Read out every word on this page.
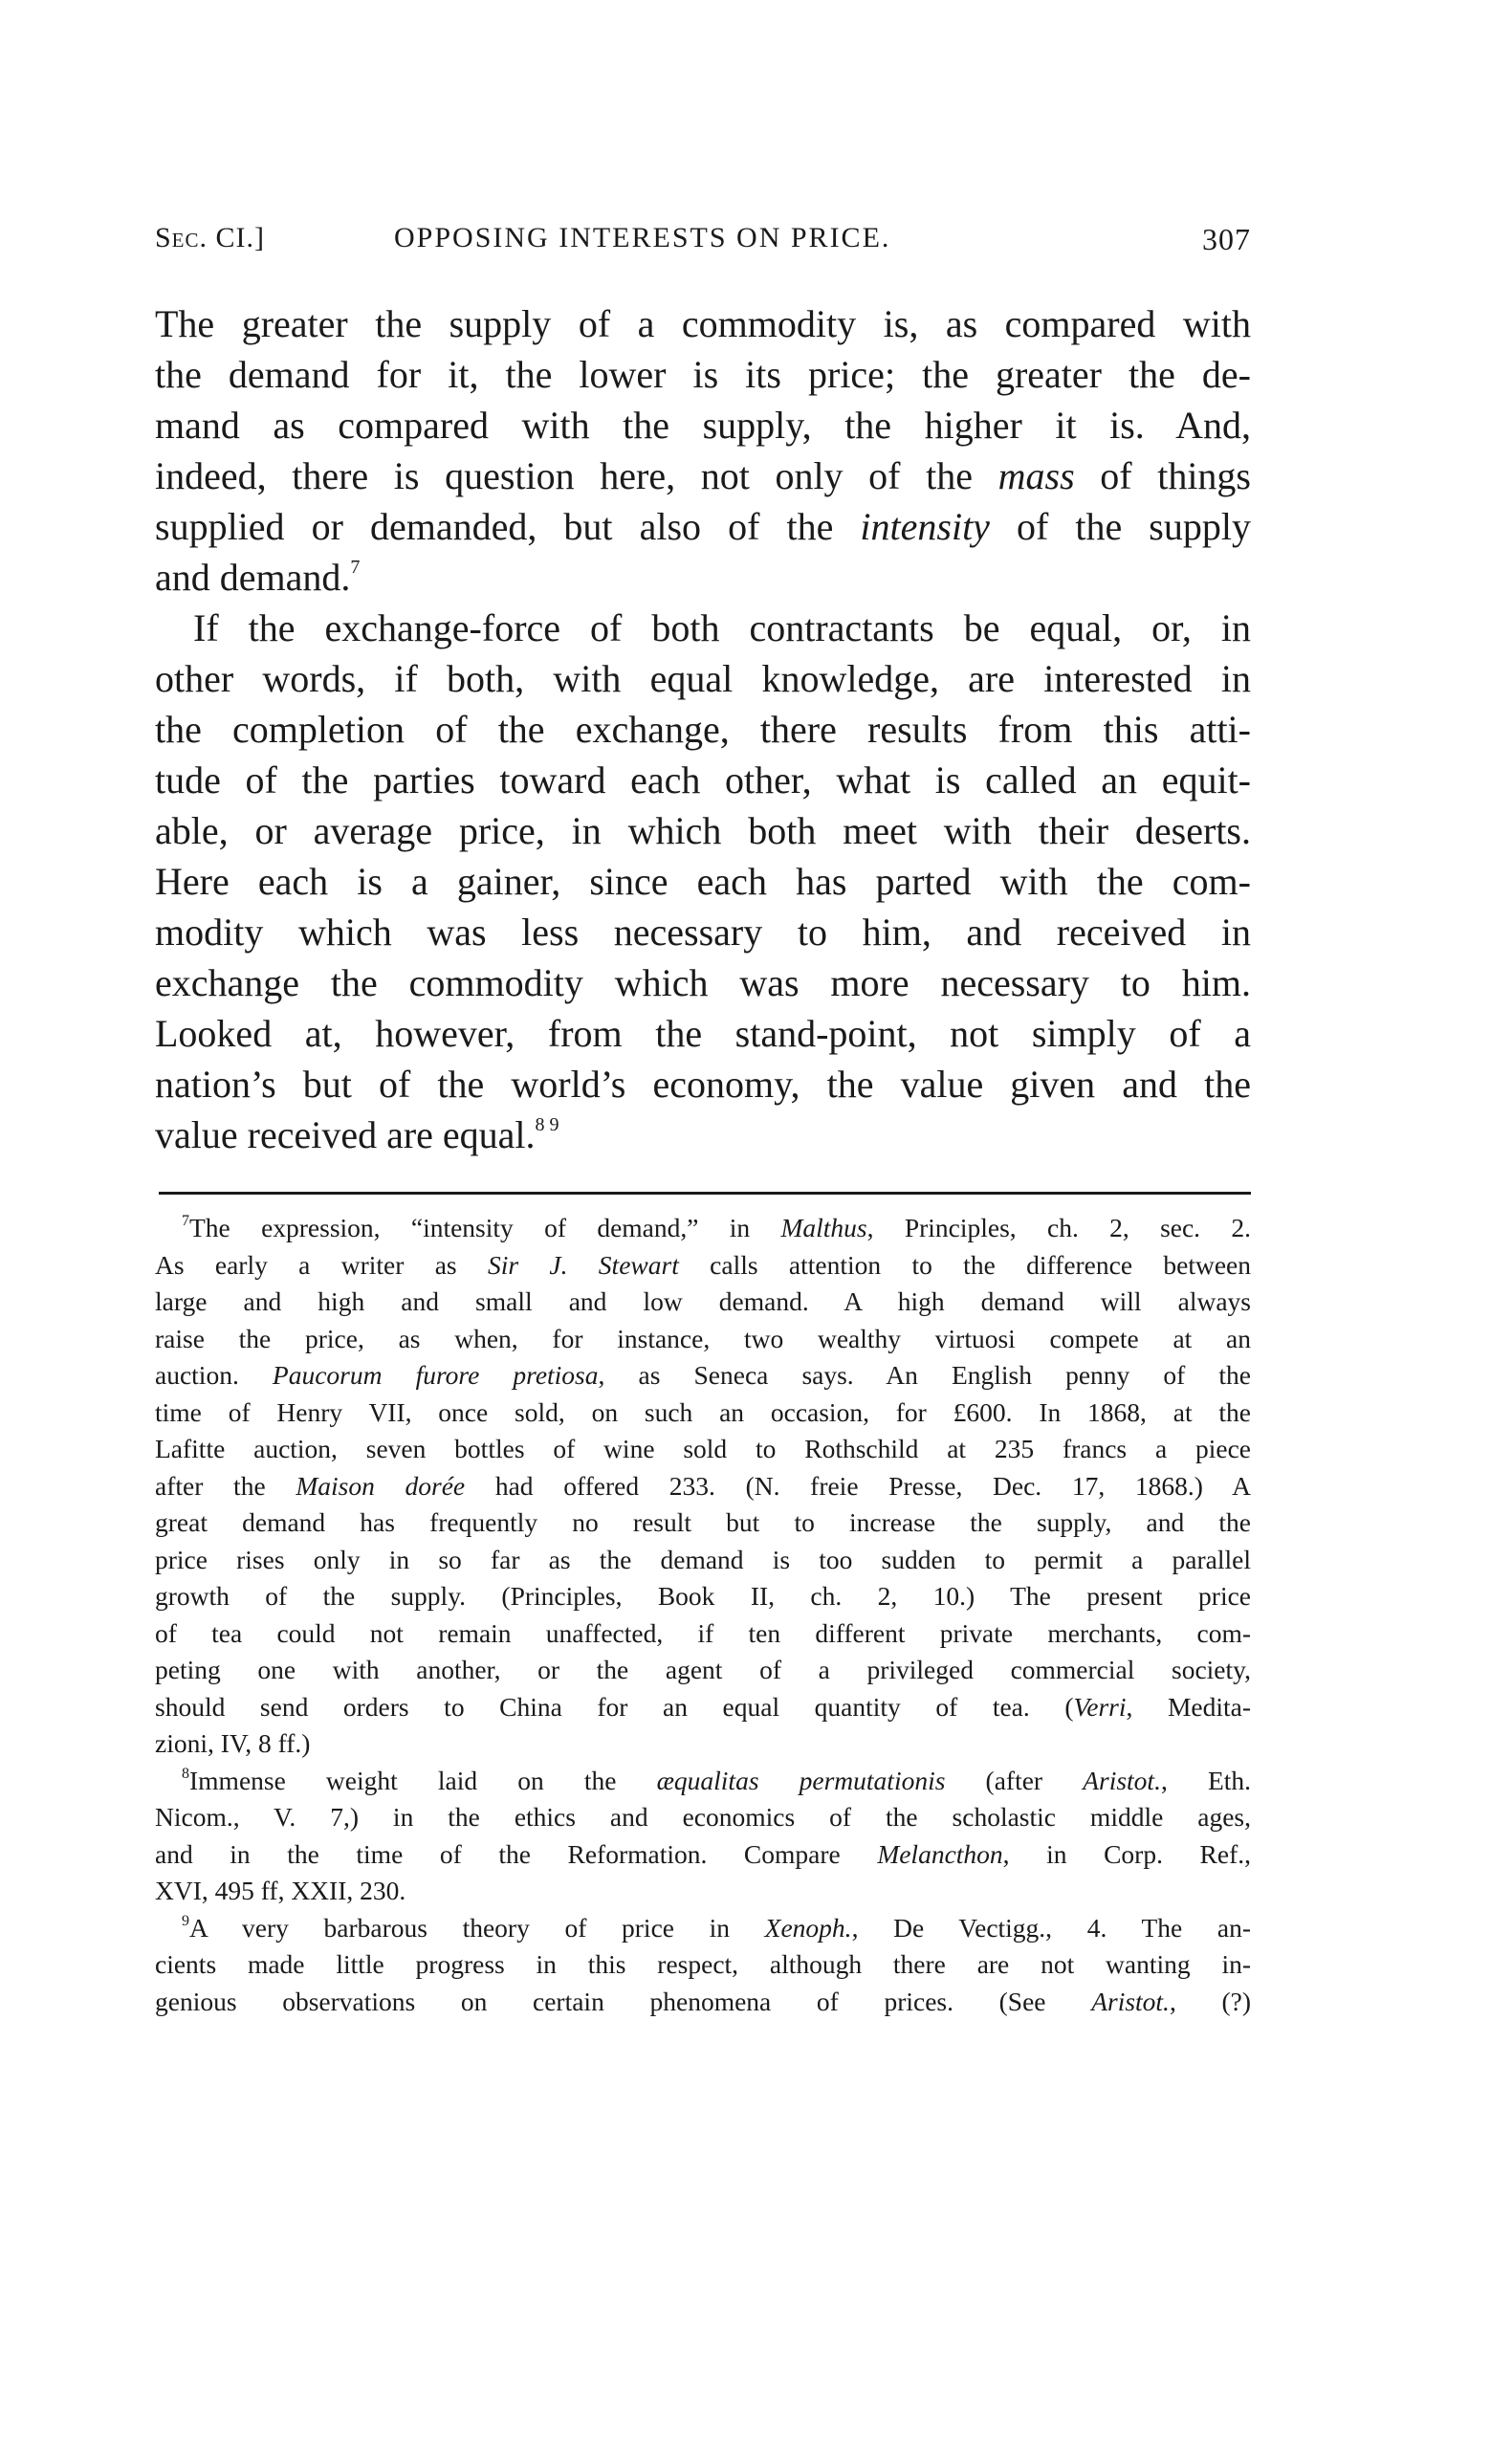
Sec. CI.]	OPPOSING INTERESTS ON PRICE.	307

The greater the supply of a commodity is, as compared with
the demand for it, the lower is its price; the greater the de-
mand as compared with the supply, the higher it is. And,
indeed, there is question here, not only of the mass of things
supplied or demanded, but also of the intensity of the supply
and demand.$^7$

If the exchange-force of both contractants be equal, or, in
other words, if both, with equal knowledge, are interested in
the completion of the exchange, there results from this atti-
tude of the parties toward each other, what is called an equit-
able, or average price, in which both meet with their deserts.
Here each is a gainer, since each has parted with the com-
modity which was less necessary to him, and received in
exchange the commodity which was more necessary to him.
Looked at, however, from the stand-point, not simply of a
nation’s but of the world’s economy, the value given and the
value received are equal.$^{8 9}$

$^7$The expression, “intensity of demand,” in Malthus, Principles, ch. 2, sec. 2.
As early a writer as Sir J. Stewart calls attention to the difference between
large and high and small and low demand. A high demand will always
raise the price, as when, for instance, two wealthy virtuosi compete at an
auction. Paucorum furore pretiosa, as Seneca says. An English penny of the
time of Henry VII, once sold, on such an occasion, for £600. In 1868, at the
Lafitte auction, seven bottles of wine sold to Rothschild at 235 francs a piece
after the Maison dorée had offered 233. (N. freie Presse, Dec. 17, 1868.) A
great demand has frequently no result but to increase the supply, and the
price rises only in so far as the demand is too sudden to permit a parallel
growth of the supply. (Principles, Book II, ch. 2, 10.) The present price
of tea could not remain unaffected, if ten different private merchants, com-
peting one with another, or the agent of a privileged commercial society,
should send orders to China for an equal quantity of tea. (Verri, Medita-
zioni, IV, 8 ff.)

$^8$Immense weight laid on the æqualitas permutationis (after Aristot., Eth.
Nicom., V. 7,) in the ethics and economics of the scholastic middle ages,
and in the time of the Reformation. Compare Melancthon, in Corp. Ref.,
XVI, 495 ff, XXII, 230.

$^9$A very barbarous theory of price in Xenoph., De Vectigg., 4. The an-
cients made little progress in this respect, although there are not wanting in-
genious observations on certain phenomena of prices. (See Aristot., (?)
